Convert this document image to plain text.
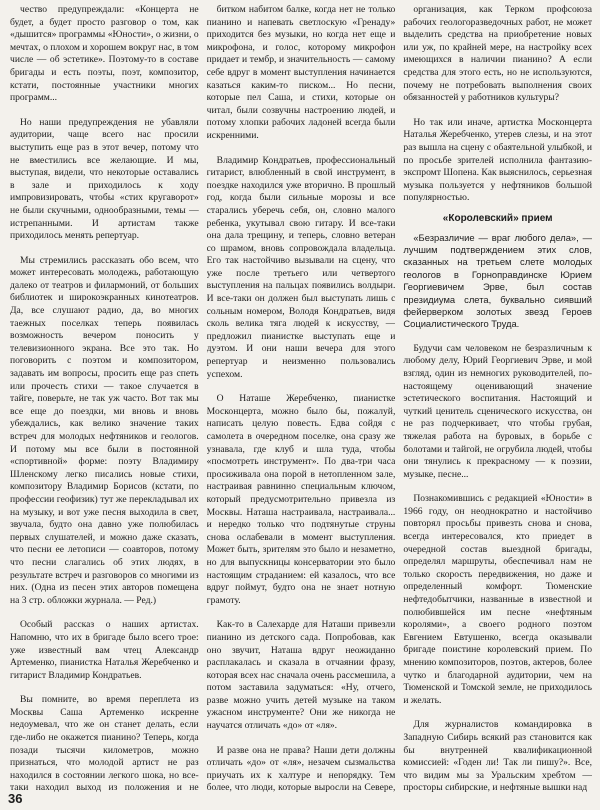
чество предупреждали: «Концерта не будет, а будет просто разговор о том, как «дышится» программы «Юности», о жизни, о мечтах, о плохом и хорошем вокруг нас, в том числе — об эстетике». Поэтому-то в составе бригады и есть поэты, поэт, композитор, кстати, постоянные участники многих программ...

Но наши предупреждения не убавляли аудитории, чаще всего нас просили выступить еще раз в этот вечер, потому что не вместились все желающие. И мы, выступая, видели, что некоторые оставались в зале и приходилось к ходу импровизировать, чтобы «стих кругаворот» не были скучными, однообразными, темы — истрепанными. И артистам также приходилось менять репертуар.

Мы стремились рассказать обо всем, что может интересовать молодежь, работающую далеко от театров и филармоний, от больших библиотек и широкоэкранных кинотеатров. Да, все слушают радио, да, во многих таежных поселках теперь появилась возможность вечером поносить у телевизионного экрана. Все это так. Но поговорить с поэтом и композитором, задавать им вопросы, просить еще раз спеть или прочесть стихи — такое случается в тайге, поверьте, не так уж часто. Вот так мы все еще до поездки, ми вновь и вновь убеждались, как велико значение таких встреч для молодых нефтяников и геологов. И потому мы все были в постоянной «спортивной» форме: поэту Владимиру Шленскому легко писались новые стихи, композитору Владимир Борисов (кстати, по профессии геофизик) тут же перекладывал их на музыку, и вот уже песня выходила в свет, звучала, будто она давно уже полюбилась первых слушателей, и можно даже сказать, что песни ее летописи — соавторов, потому что песни слагались об этих людях, в результате встреч и разговоров со многими из них. (Одна из песен этих авторов помещена на 3 стр. обложки журнала. — Ред.)

Особый рассказ о наших артистах. Напомню, что их в бригаде было всего трое: уже известный вам чтец Александр Артеменко, пианистка Наталья Жеребченко и гитарист Владимир Кондратьев.

Вы помните, во время переплета из Москвы Саша Артеменко искренне недоумевал, что же он станет делать, если где-либо не окажется пианино? Теперь, когда позади тысячи километров, можно признаться, что молодой артист не раз находился в состоянии легкого шока, но все-таки находил выход из положения и не

битком набитом балке, когда нет не только пианино и напевать светлоскую «Гренаду» приходится без музыки, но когда нет еще и микрофона, и голос, которому микрофон придает и тембр, и значительность — самому себе вдруг в момент выступления начинается казаться каким-то писком... Но песни, которые пел Саша, и стихи, которые он читал, были созвучны настроению людей, и потому хлопки рабочих ладоней всегда были искренними.

Владимир Кондратьев, профессиональный гитарист, влюбленный в свой инструмент, в поездке находился уже вторично. В прошлый год, когда были сильные морозы и все старались уберечь себя, он, словно малого ребенка, укутывал свою гитару. И все-таки она дала трещину, и теперь, словно ветеран со шрамом, вновь сопровождала владельца. Его так настойчиво вызывали на сцену, что уже после третьего или четвертого выступления на пальцах появились волдыри. И все-таки он должен был выступать лишь с сольным номером, Володя Кондратьев, видя сколь велика тяга людей к искусству, — предложил пианистке выступать еще и дуэтом. И они наши вечера для этого репертуар и неизменно пользовались успехом.

О Наташе Жеребченко, пианистке Москонцерта, можно было бы, пожалуй, написать целую повесть. Едва сойдя с самолета в очередном поселке, она сразу же узнавала, где клуб и шла туда, чтобы «посмотреть инструмент». По два-три часа просиживала она порой в нетопленном зале, настраивая равнинно специальным ключом, который предусмотрительно привезла из Москвы. Наташа настраивала, настраивала... и нередко только что подтянутые струны снова ослабевали в момент выступления. Может быть, зрителям это было и незаметно, но для выпускницы консерватории это было настоящим страданием: ей казалось, что все вдруг поймут, будто она не знает нотную грамоту.

Как-то в Салехарде для Наташи привезли пианино из детского сада. Попробовав, как оно звучит, Наташа вдруг неожиданно расплакалась и сказала в отчаянии фразу, которая всех нас сначала очень рассмешила, а потом заставила задуматься: «Ну, отчего, разве можно учить детей музыке на таком ужасном инструменте? Они же никогда не научатся отличать «до» от «ля».

И разве она не права? Наши дети должны отличать «до» от «ля», незачем сызмальства приучать их к халтуре и непорядку. Тем более, что люди, которые выросли на Севере,

организация, как Терком профсоюза рабочих геологоразведочных работ, не может выделить средства на приобретение новых или уж, по крайней мере, на настройку всех имеющихся в наличии пианино? А если средства для этого есть, но не используются, почему не потребовать выполнения своих обязанностей у работников культуры?

Но так или иначе, артистка Москонцерта Наталья Жеребченко, утерев слезы, и на этот раз вышла на сцену с обаятельной улыбкой, и по просьбе зрителей исполнила фантазию-экспромт Шопена. Как выяснилось, серьезная музыка пользуется у нефтяников большой популярностью.

«Королевский» прием

«Безразличие — враг любого дела», — лучшим подтверждением этих слов, сказанных на третьем слете молодых геологов в Горноправдинске Юрием Георгиевичем Эрве, был состав президиума слета, буквально сиявший фейерверком золотых звезд Героев Социалистического Труда.

Будучи сам человеком не безразличным к любому делу, Юрий Георгиевич Эрве, и мой взгляд, один из немногих руководителей, по-настоящему оценивающий значение эстетического воспитания. Настоящий и чуткий ценитель сценического искусства, он не раз подчеркивает, что чтобы грубая, тяжелая работа на буровых, в борьбе с болотами и тайгой, не огрубила людей, чтобы они тянулись к прекрасному — к поэзии, музыке, песне...

Познакомившись с редакцией «Юности» в 1966 году, он неоднократно и настойчиво повторял просьбы привезть снова и снова, всегда интересовался, кто приедет в очередной состав выездной бригады, определял маршруты, обеспечивал нам не только скорость передвижения, но даже и определенный комфорт. Тюменские нефтедобытчики, названные в известной и полюбившейся им песне «нефтяным королями», а своего родного поэтом Евгением Евтушенко, всегда оказывали бригаде поистине королевский прием. По мнению композиторов, поэтов, актеров, более чутко и благодарной аудитории, чем на Тюменской и Томской земле, не приходилось и желать.

Для журналистов командировка в Западную Сибирь всякий раз становится как бы внутренней квалификационной комиссией: «Годен ли! Так ли пишу?». Все, что видим мы за Уральским хребтом — просторы сибирские, и нефтяные вышки над

36
